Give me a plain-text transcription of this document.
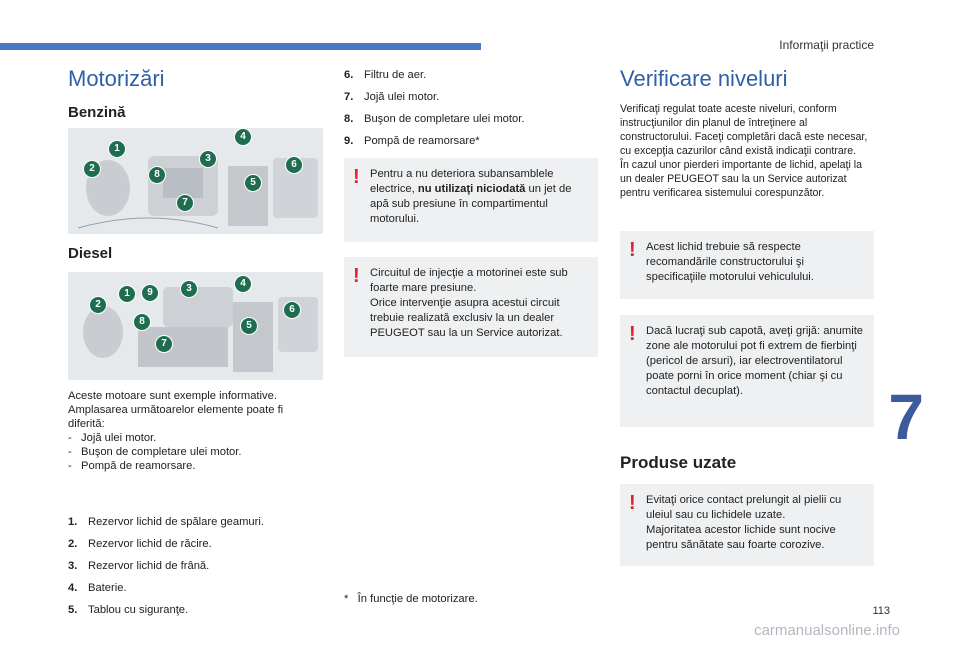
Informaţii practice
Motorizări
Benzină
1
2
3
4
5
6
7
8
Diesel
1
2
3	4
5
6
7
8
9

Aceste motoare sunt exemple informative.

Amplasarea următoarelor elemente poate fi

diferită:

-   Jojă ulei motor.

-   Buşon de completare ulei motor.

-   Pompă de reamorsare.

1. Rezervor lichid de spălare geamuri.
2. Rezervor lichid de răcire.
3. Rezervor lichid de frână.
4. Baterie.
5. Tablou cu siguranţe.
6. Filtru de aer.
7. Jojă ulei motor.
8. Buşon de completare ulei motor.
9. Pompă de reamorsare*
! Pentru a nu deteriora subansamblele electrice, nu utilizaţi niciodată un jet de apă sub presiune în compartimentul motorului.
! Circuitul de injecţie a motorinei este sub foarte mare presiune.
Orice intervenţie asupra acestui circuit trebuie realizată exclusiv la un dealer PEUGEOT sau la un Service autorizat.

*   În funcţie de motorizare.

Verificare niveluri

Verificaţi regulat toate aceste niveluri, conform instrucţiunilor din planul de întreţinere al constructorului. Faceţi completări dacă este necesar, cu excepţia cazurilor când există indicaţii contrare.

În cazul unor pierderi importante de lichid, apelaţi la un dealer PEUGEOT sau la un Service autorizat pentru verificarea sistemului corespunzător.

! Acest lichid trebuie să respecte recomandările constructorului şi specificaţiile motorului vehiculului.
! Dacă lucraţi sub capotă, aveţi grijă: anumite zone ale motorului pot fi extrem de fierbinţi (pericol de arsuri), iar electroventilatorul poate porni în orice moment (chiar şi cu contactul decuplat).
Produse uzate
! Evitaţi orice contact prelungit al pielii cu uleiul sau cu lichidele uzate.
Majoritatea acestor lichide sunt nocive pentru sănătate sau foarte corozive.
7
113
carmanualsonline.info
